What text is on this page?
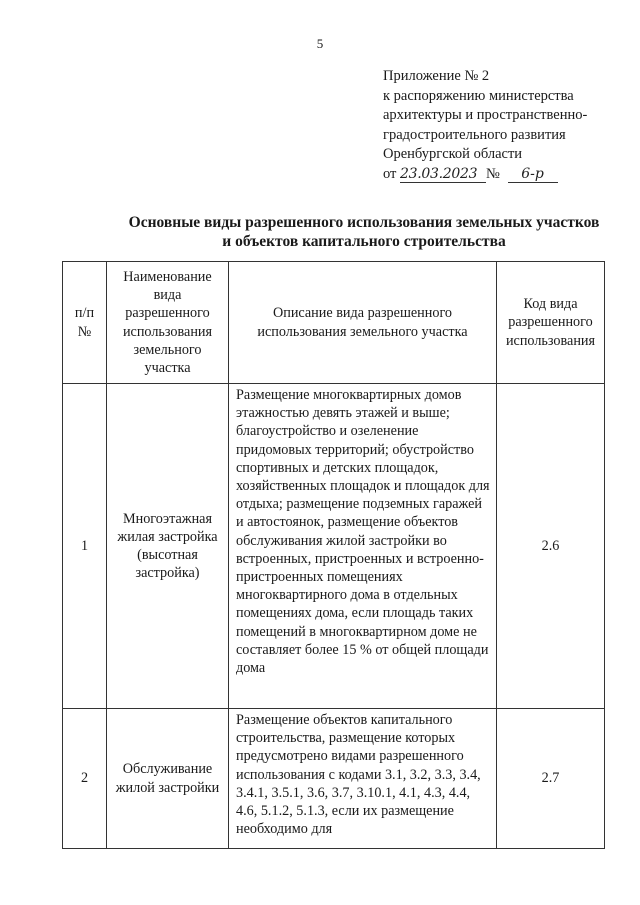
5
Приложение № 2
к распоряжению министерства
архитектуры и пространственно-
градостроительного развития
Оренбургской области
от 23.03.2023 № 6-р
Основные виды разрешенного использования земельных участков
и объектов капитального строительства
п/п №	Наименование вида разрешенного использования земельного участка	Описание вида разрешенного использования земельного участка	Код вида разрешенного использования
1	Многоэтажная жилая застройка (высотная застройка)	Размещение многоквартирных домов этажностью девять этажей и выше; благоустройство и озеленение придомовых территорий; обустройство спортивных и детских площадок, хозяйственных площадок и площадок для отдыха; размещение подземных гаражей и автостоянок, размещение объектов обслуживания жилой застройки во встроенных, пристроенных и встроенно-пристроенных помещениях многоквартирного дома в отдельных помещениях дома, если площадь таких помещений в многоквартирном доме не составляет более 15 % от общей площади дома	2.6
2	Обслуживание жилой застройки	Размещение объектов капитального строительства, размещение которых предусмотрено видами разрешенного использования с кодами 3.1, 3.2, 3.3, 3.4, 3.4.1, 3.5.1, 3.6, 3.7, 3.10.1, 4.1, 4.3, 4.4, 4.6, 5.1.2, 5.1.3, если их размещение необходимо для	2.7
